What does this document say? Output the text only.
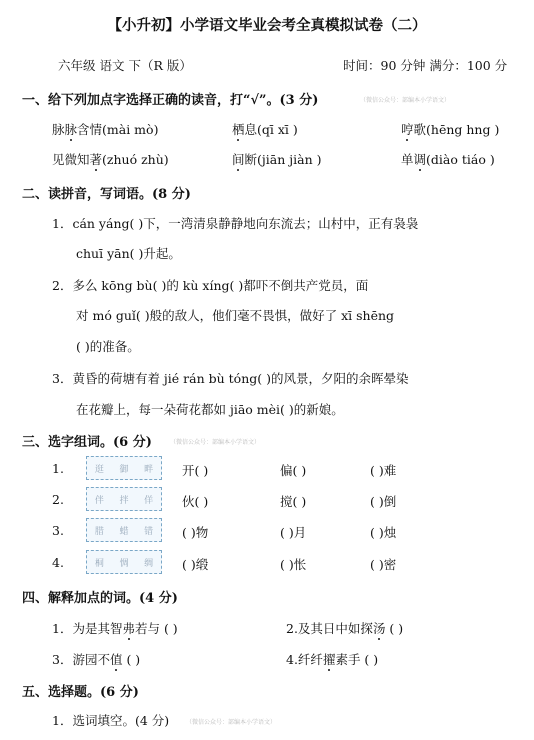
【小升初】小学语文毕业会考全真模拟试卷（二）
六年级 语文 下（R 版）	时间：90 分钟 满分：100 分
一、给下列加点字选择正确的读音，打“√”。(3 分)	（微信公众号：部编本小学语文）
脉脉含情(mài mò)	栖息(qī xī )	哼歌(hēng hng )
见微知著(zhuó zhù)	间断(jiān jiàn )	单调(diào tiáo )
二、读拼音，写词语。(8 分)
1．cán yáng( )下，一湾清泉静静地向东流去；山村中，正有袅袅
chuī yān( )升起。
2．多么 kōng bù( )的 kù xíng( )都吓不倒共产党员，面
对 mó guǐ( )般的敌人，他们毫不畏惧，做好了 xī shēng
( )的准备。
3．黄昏的荷塘有着 jié rán bù tóng( )的风景，夕阳的余晖晕染
在花瓣上，每一朵荷花都如 jiāo mèi( )的新娘。
三、选字组词。(6 分)	（微信公众号：部编本小学语文）
1.	逛 御 畔 开( )	偏( )	( )难
2.	伴 拌 佯 伙( )	搅( )	( )倒
3.	腊 蜡 错 ( )物	( )月	( )烛
4.	桐 惆 绸 ( )缎	( )怅	( )密
四、解释加点的词。(4 分)
1．为是其智弗若与 ( )	2.及其日中如探汤 ( )
3．游园不值 ( )	4.纤纤擢素手 ( )
五、选择题。(6 分)
1．选词填空。(4 分)	（微信公众号：部编本小学语文）
